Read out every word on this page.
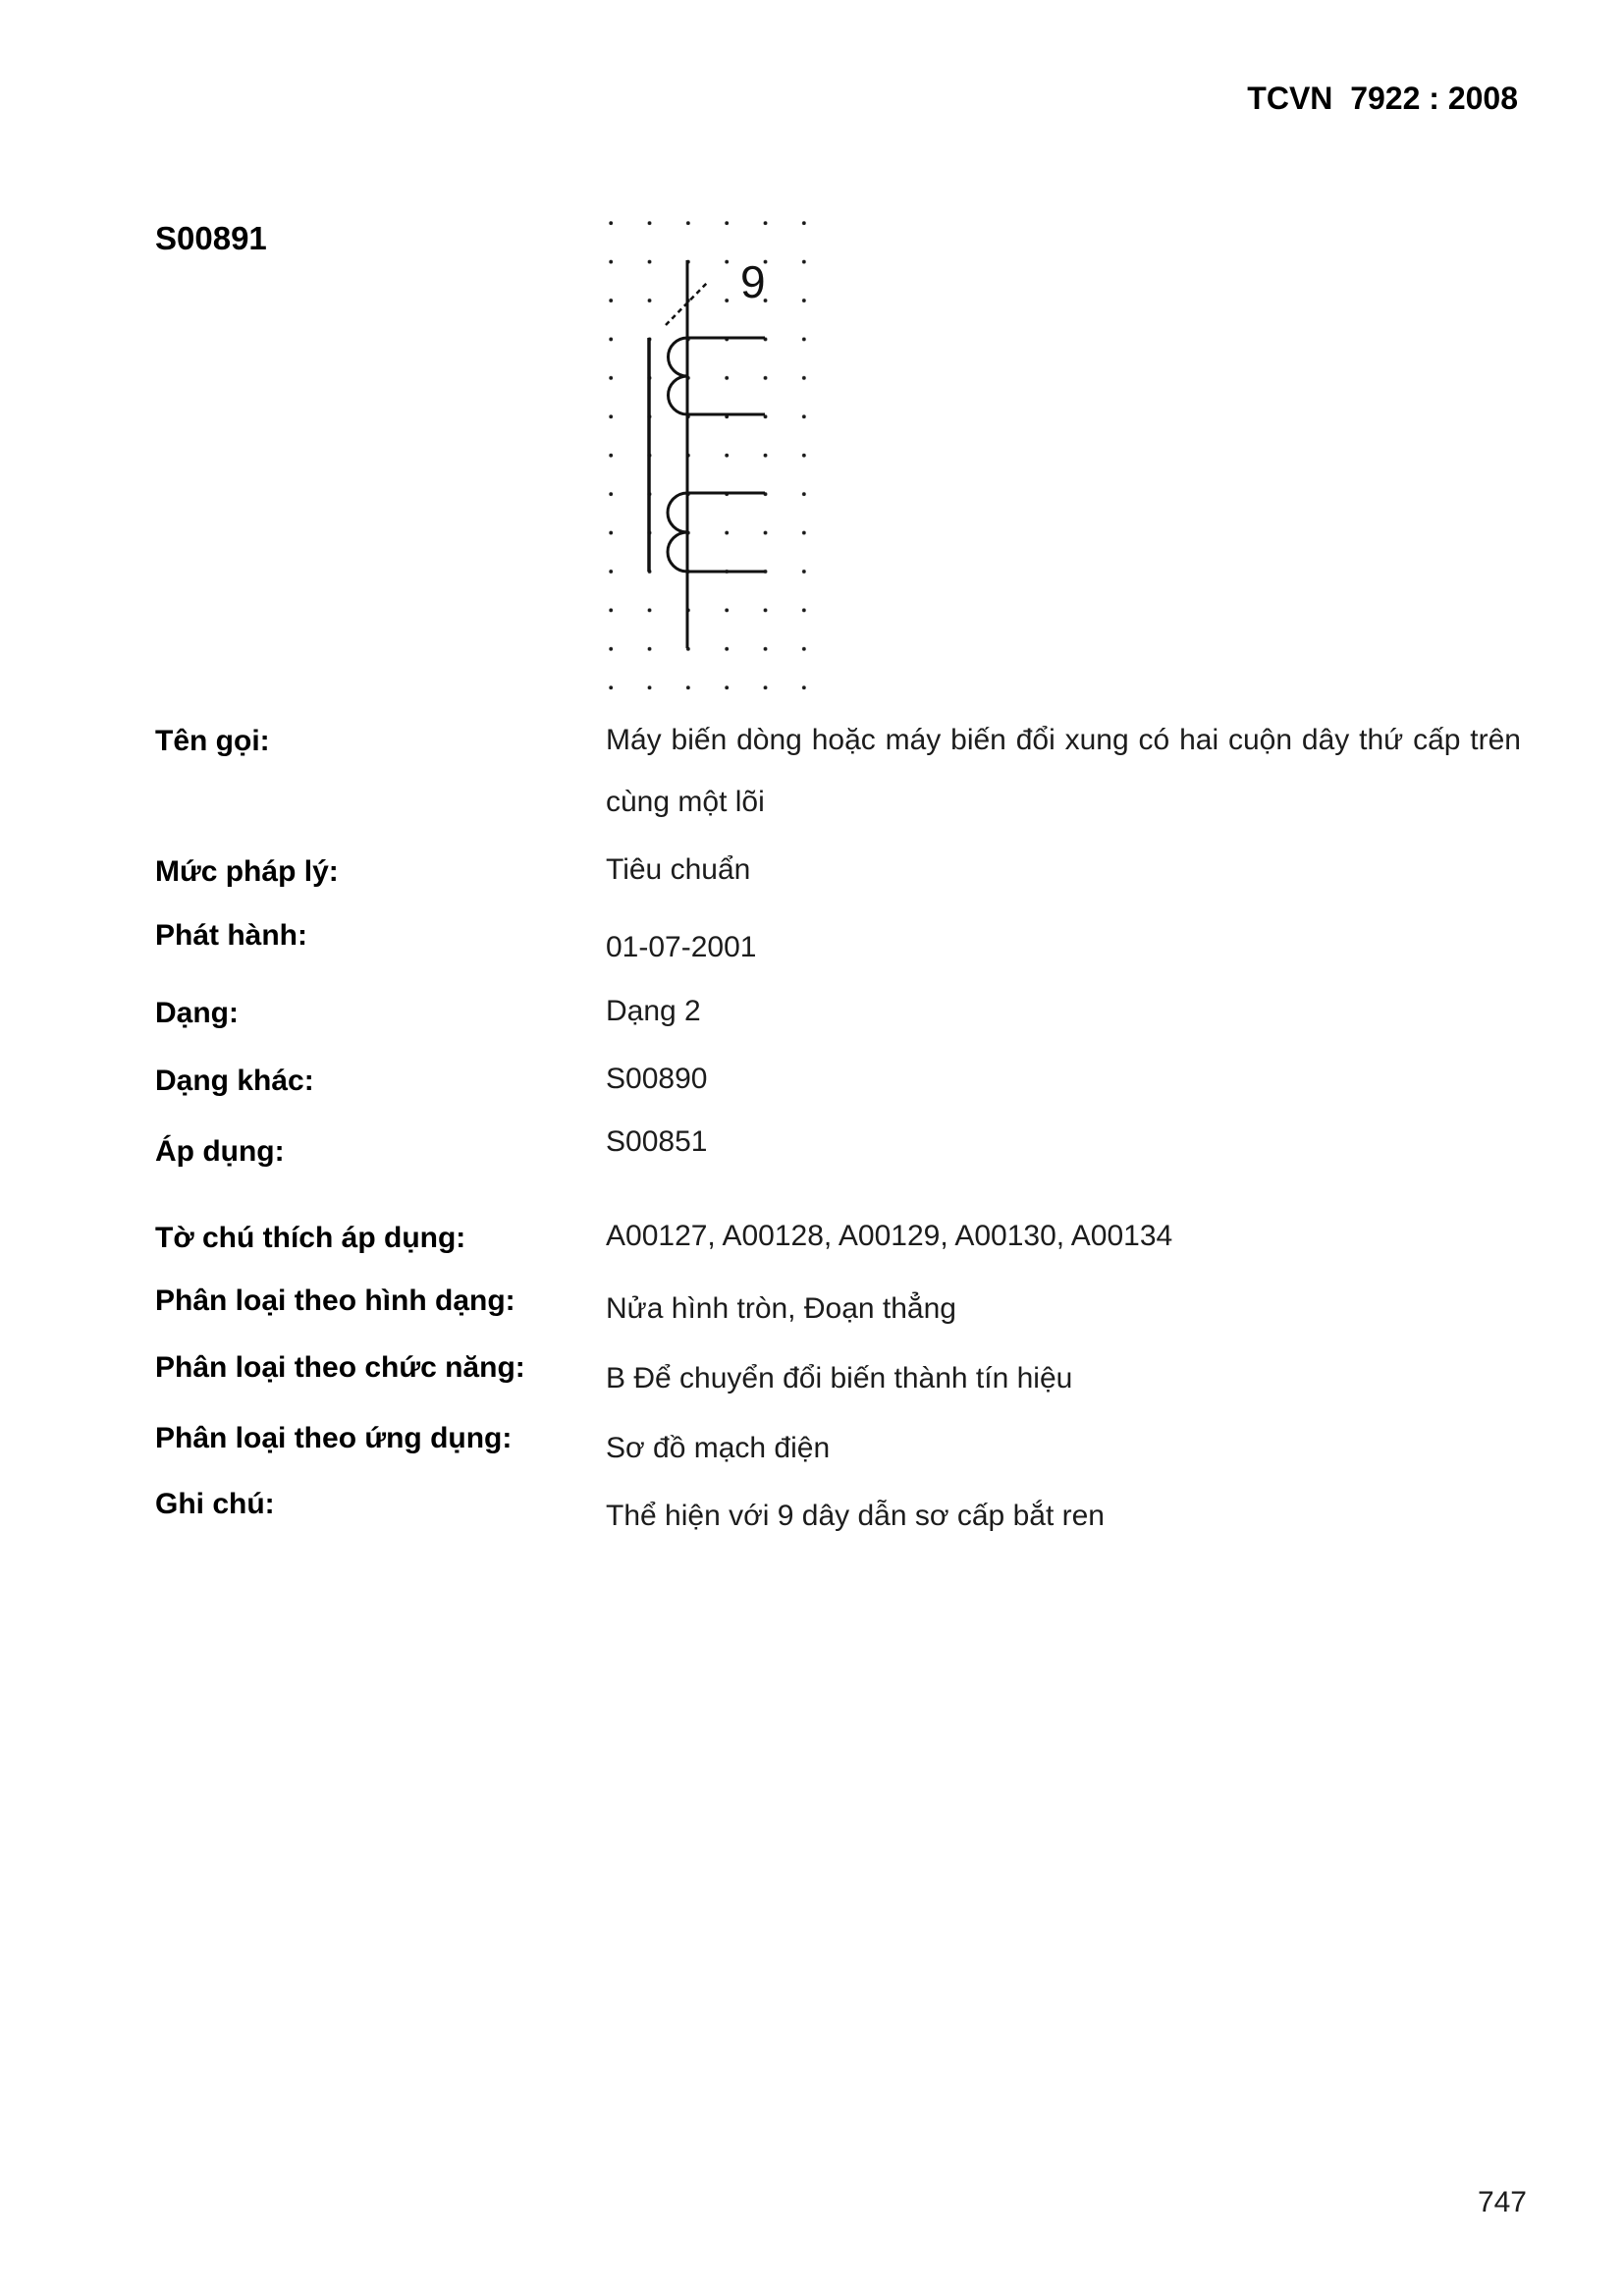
TCVN  7922 : 2008
S00891
9
Tên gọi:	Máy biến dòng hoặc máy biến đổi xung có hai cuộn dây thứ cấp trên cùng một lõi
Mức pháp lý:	Tiêu chuẩn
Phát hành:	01-07-2001
Dạng:	Dạng 2
Dạng khác:	S00890
Áp dụng:	S00851
Tờ chú thích áp dụng:	A00127, A00128, A00129, A00130, A00134
Phân loại theo hình dạng:	Nửa hình tròn, Đoạn thẳng
Phân loại theo chức năng:	B Để chuyển đổi biến thành tín hiệu
Phân loại theo ứng dụng:	Sơ đồ mạch điện
Ghi chú:	Thể hiện với 9 dây dẫn sơ cấp bắt ren
747
